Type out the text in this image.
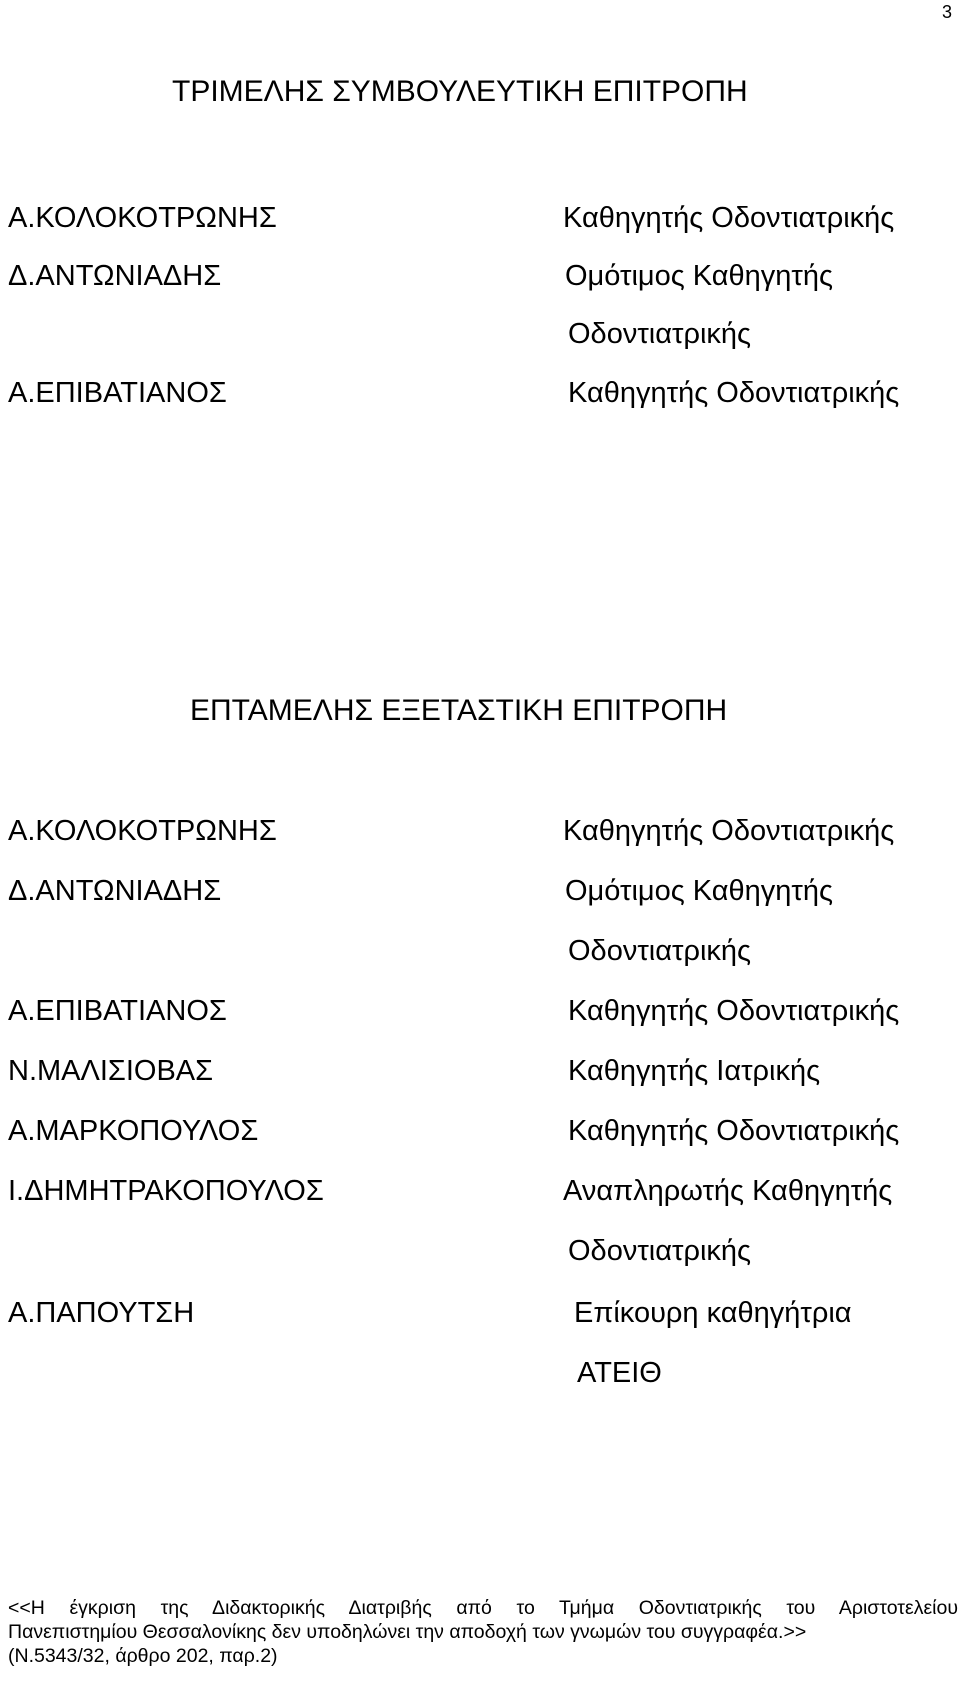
3
ΤΡΙΜΕΛΗΣ ΣΥΜΒΟΥΛΕΥΤΙΚΗ ΕΠΙΤΡΟΠΗ
Α.ΚΟΛΟΚΟΤΡΩΝΗΣ	Καθηγητής Οδοντιατρικής
Δ.ΑΝΤΩΝΙΑΔΗΣ	Ομότιμος Καθηγητής
Οδοντιατρικής
Α.ΕΠΙΒΑΤΙΑΝΟΣ	Καθηγητής Οδοντιατρικής
ΕΠΤΑΜΕΛΗΣ ΕΞΕΤΑΣΤΙΚΗ ΕΠΙΤΡΟΠΗ
Α.ΚΟΛΟΚΟΤΡΩΝΗΣ	Καθηγητής Οδοντιατρικής
Δ.ΑΝΤΩΝΙΑΔΗΣ	Ομότιμος Καθηγητής
Οδοντιατρικής
Α.ΕΠΙΒΑΤΙΑΝΟΣ	Καθηγητής Οδοντιατρικής
Ν.ΜΑΛΙΣΙΟΒΑΣ	Καθηγητής Ιατρικής
Α.ΜΑΡΚΟΠΟΥΛΟΣ	Καθηγητής Οδοντιατρικής
Ι.ΔΗΜΗΤΡΑΚΟΠΟΥΛΟΣ	Αναπληρωτής Καθηγητής
Οδοντιατρικής
Α.ΠΑΠΟΥΤΣΗ	Επίκουρη καθηγήτρια
ΑΤΕΙΘ
<<Η έγκριση της Διδακτορικής Διατριβής από το Τμήμα Οδοντιατρικής του Αριστοτελείου
Πανεπιστημίου Θεσσαλονίκης δεν υποδηλώνει την αποδοχή των γνωμών του συγγραφέα.>>
(Ν.5343/32, άρθρο 202, παρ.2)
